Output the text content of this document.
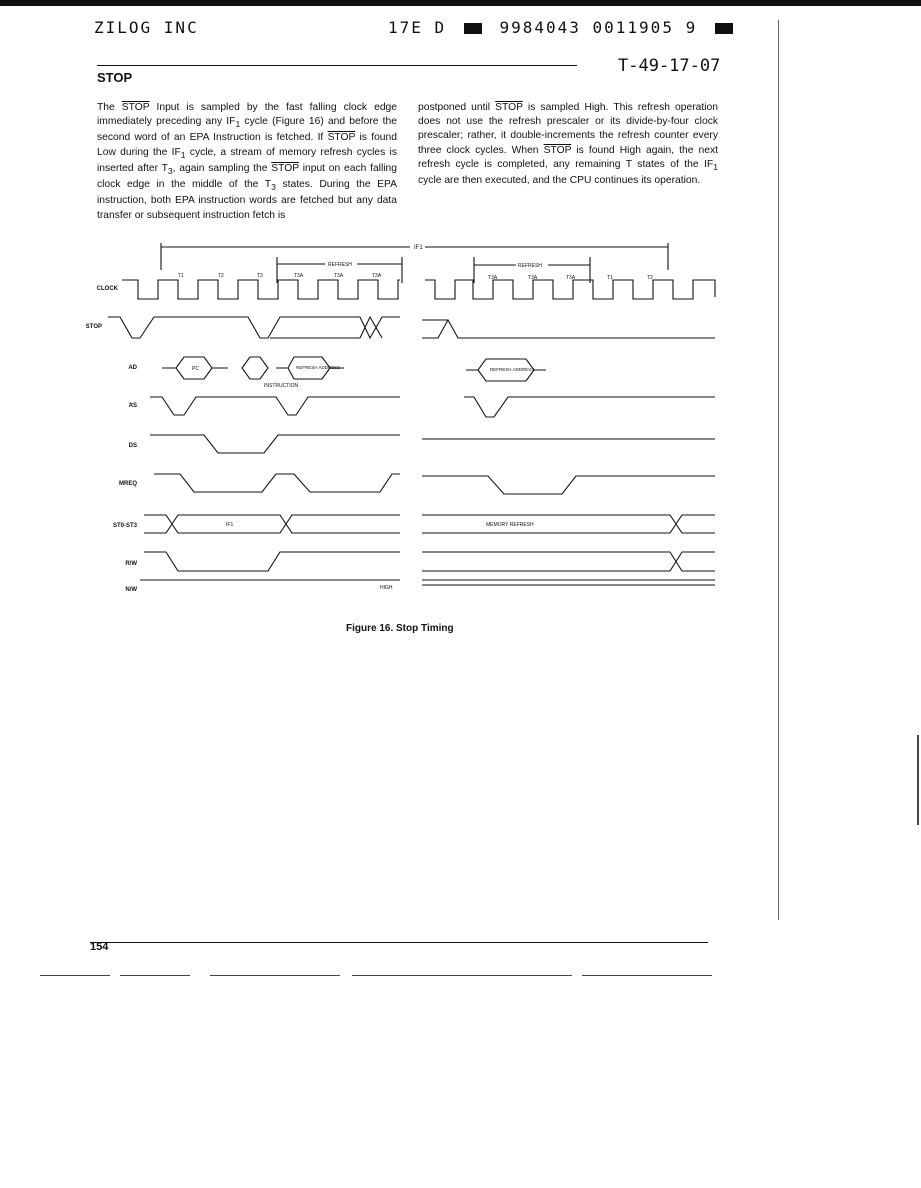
ZILOG INC	17E D	9984043 0011905 9
T-49-17-07
STOP
The STOP Input is sampled by the fast falling clock edge immediately preceding any $IF_1$ cycle (Figure 16) and before the second word of an EPA Instruction is fetched. If STOP is found Low during the $IF_1$ cycle, a stream of memory refresh cycles is inserted after $T_3$, again sampling the STOP input on each falling clock edge in the middle of the $T_3$ states. During the EPA instruction, both EPA instruction words are fetched but any data transfer or subsequent instruction fetch is
postponed until STOP is sampled High. This refresh operation does not use the refresh prescaler or its divide-by-four clock prescaler; rather, it double-increments the refresh counter every three clock cycles. When STOP is found High again, the next refresh cycle is completed, any remaining T states of the $IF_1$ cycle are then executed, and the CPU continues its operation.
IF1
REFRESH	REFRESH
T1	T2	T3	T3A	T3A	T3A	T3A	T3A	T3A	T1	T2
CLOCK
STOP
AD
AS
DS
MREQ
ST0-ST3
R/W
N/W
PC
INSTRUCTION
REFRESH ADDRESS	REFRESH ADDRESS
IF1	MEMORY REFRESH
HIGH
Figure 16. Stop Timing
154
